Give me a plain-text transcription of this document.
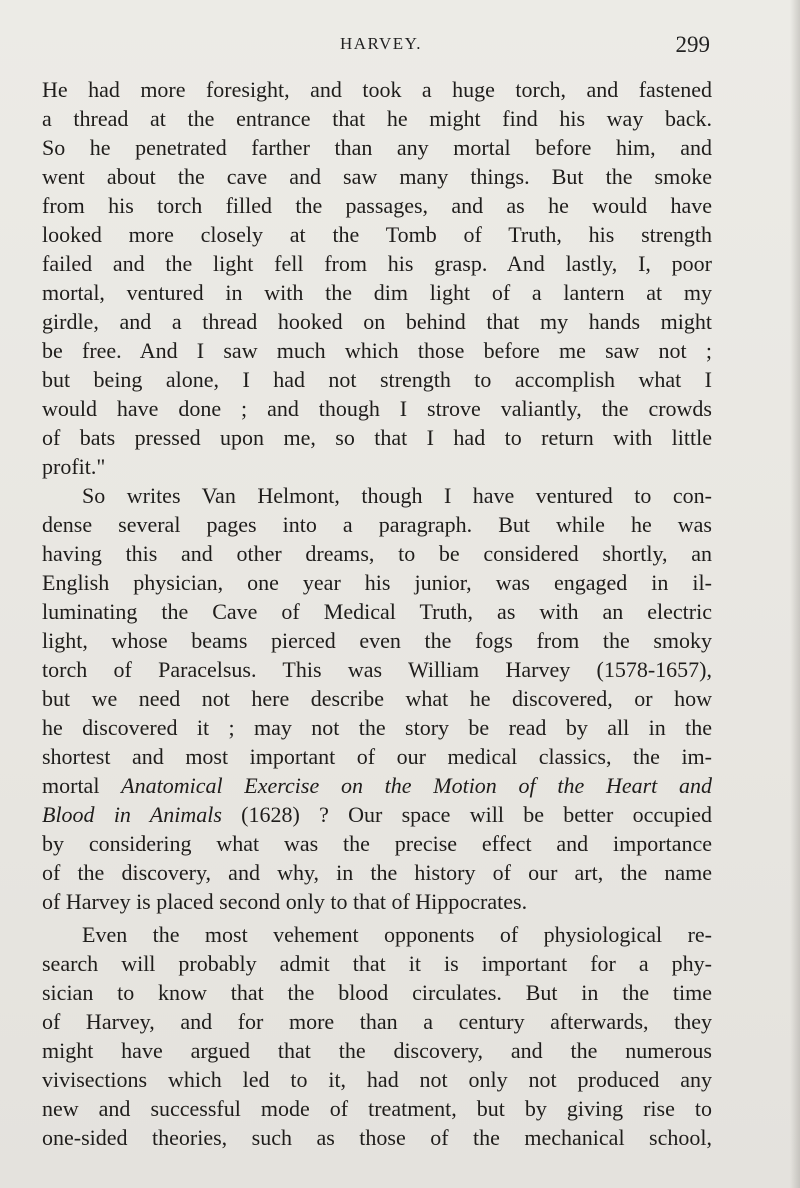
HARVEY.	299
He had more foresight, and took a huge torch, and fastened
a thread at the entrance that he might find his way back.
So he penetrated farther than any mortal before him, and
went about the cave and saw many things. But the smoke
from his torch filled the passages, and as he would have
looked more closely at the Tomb of Truth, his strength
failed and the light fell from his grasp. And lastly, I, poor
mortal, ventured in with the dim light of a lantern at my
girdle, and a thread hooked on behind that my hands might
be free. And I saw much which those before me saw not ;
but being alone, I had not strength to accomplish what I
would have done ; and though I strove valiantly, the crowds
of bats pressed upon me, so that I had to return with little
profit."
So writes Van Helmont, though I have ventured to con-
dense several pages into a paragraph. But while he was
having this and other dreams, to be considered shortly, an
English physician, one year his junior, was engaged in il-
luminating the Cave of Medical Truth, as with an electric
light, whose beams pierced even the fogs from the smoky
torch of Paracelsus. This was William Harvey (1578-1657),
but we need not here describe what he discovered, or how
he discovered it ; may not the story be read by all in the
shortest and most important of our medical classics, the im-
mortal Anatomical Exercise on the Motion of the Heart and
Blood in Animals (1628) ? Our space will be better occupied
by considering what was the precise effect and importance
of the discovery, and why, in the history of our art, the name
of Harvey is placed second only to that of Hippocrates.
Even the most vehement opponents of physiological re-
search will probably admit that it is important for a phy-
sician to know that the blood circulates. But in the time
of Harvey, and for more than a century afterwards, they
might have argued that the discovery, and the numerous
vivisections which led to it, had not only not produced any
new and successful mode of treatment, but by giving rise to
one-sided theories, such as those of the mechanical school,
